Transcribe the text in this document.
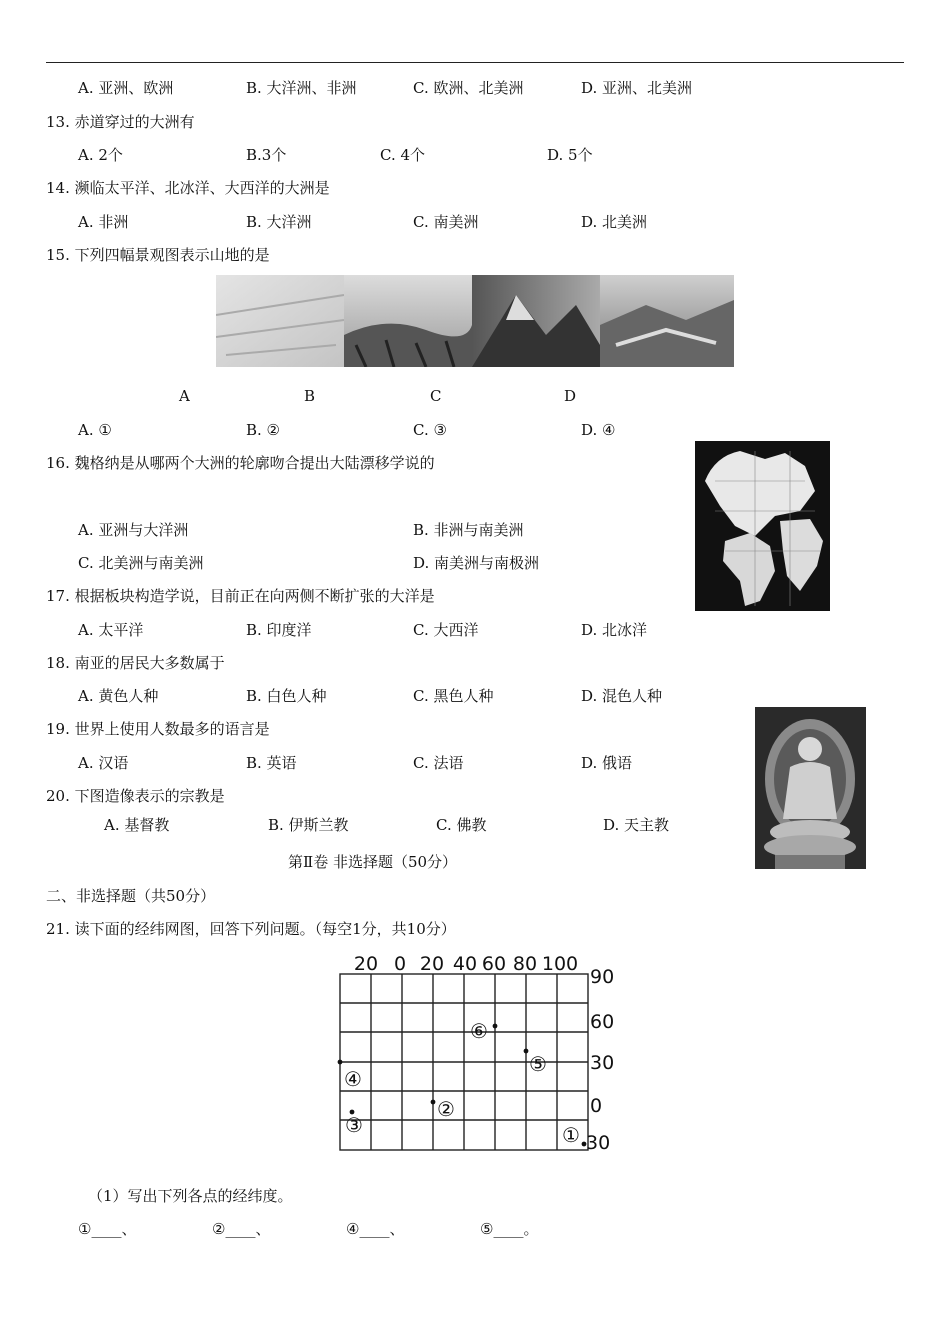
A. 亚洲、欧洲	B. 大洋洲、非洲	C. 欧洲、北美洲	D. 亚洲、北美洲
13. 赤道穿过的大洲有
A. 2个	B.3个	C. 4个	D. 5个
14. 濒临太平洋、北冰洋、大西洋的大洲是
A. 非洲	B. 大洋洲	C. 南美洲	D. 北美洲
15. 下列四幅景观图表示山地的是
A	B	C	D
A. ①	B. ②	C. ③	D. ④
16. 魏格纳是从哪两个大洲的轮廓吻合提出大陆漂移学说的
A. 亚洲与大洋洲	B. 非洲与南美洲
C. 北美洲与南美洲	D. 南美洲与南极洲
17. 根据板块构造学说，目前正在向两侧不断扩张的大洋是
A. 太平洋	B. 印度洋	C. 大西洋	D. 北冰洋
18. 南亚的居民大多数属于
A. 黄色人种	B. 白色人种	C. 黑色人种	D. 混色人种
19. 世界上使用人数最多的语言是
A. 汉语	B. 英语	C. 法语	D. 俄语
20. 下图造像表示的宗教是
A. 基督教	B. 伊斯兰教	C. 佛教	D. 天主教
第Ⅱ卷 非选择题（50分）
二、非选择题（共50分）
21. 读下面的经纬网图，回答下列问题。（每空1分，共10分）
20 0 20 40 60 80 100
90
60
30
0
30
①
②
③
④
⑤
⑥
（1）写出下列各点的经纬度。
①____、	②____、	④____、	⑤____。
